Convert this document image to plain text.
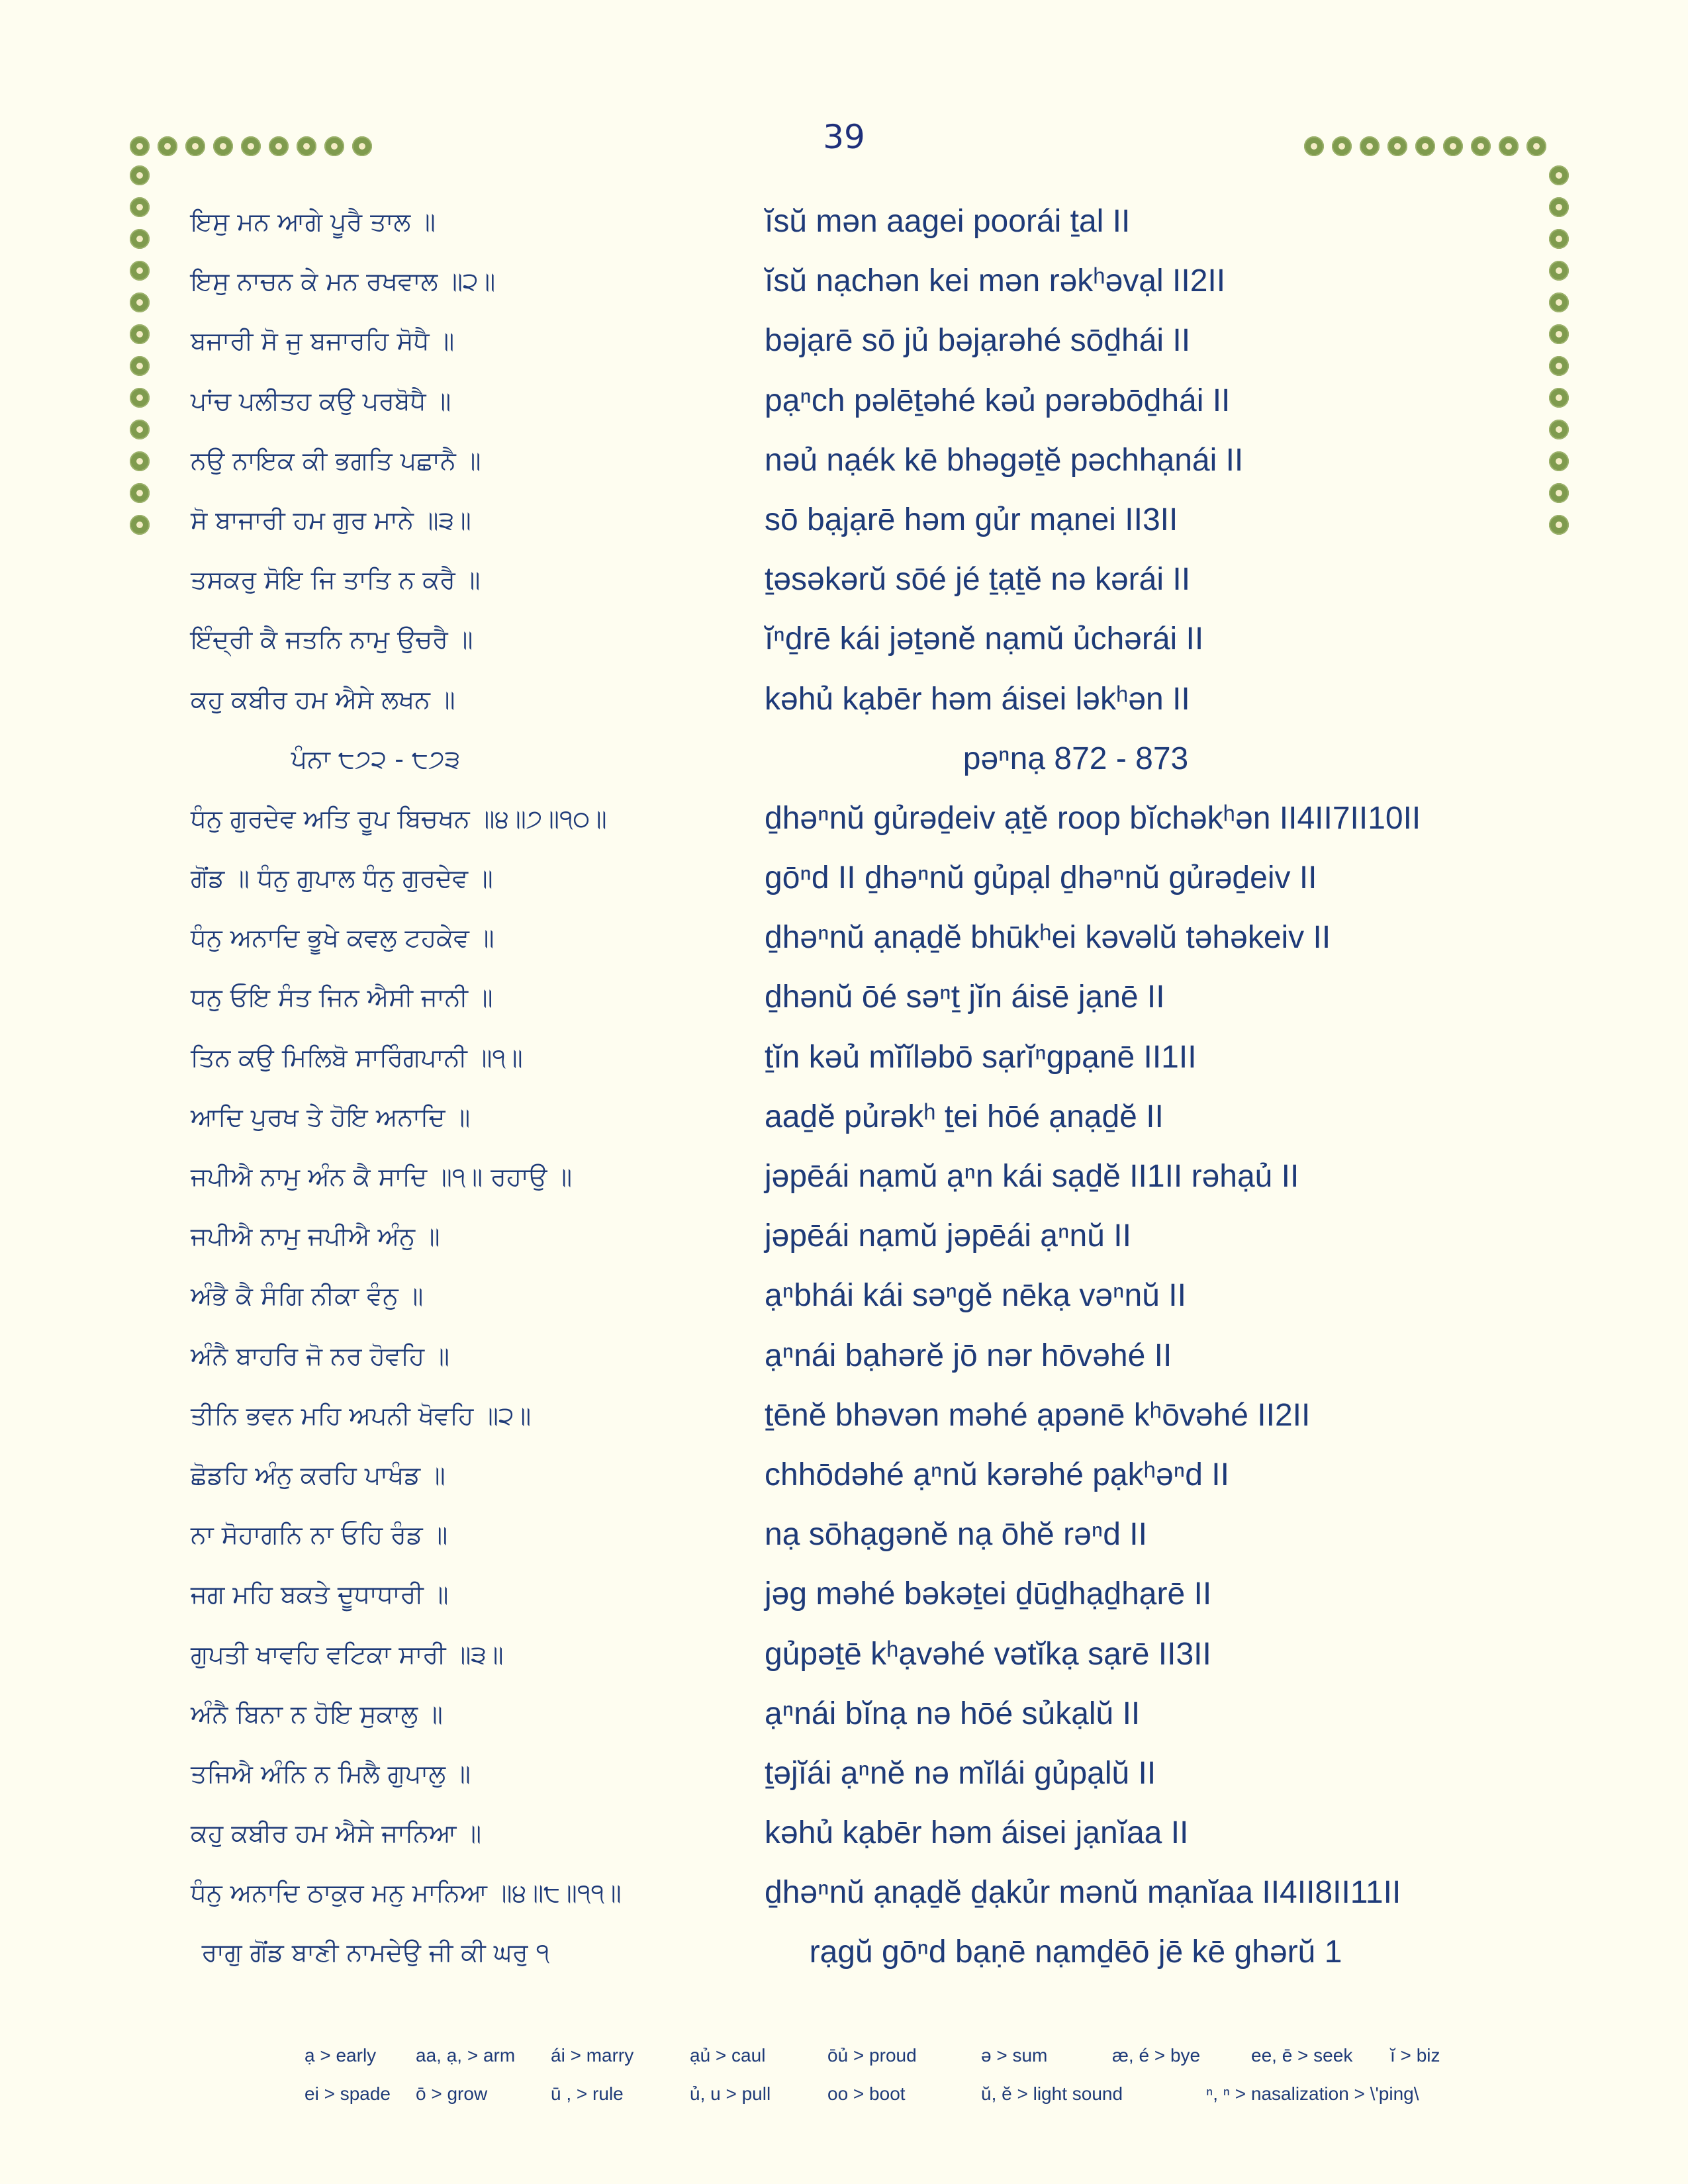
39
ਇਸੁ ਮਨ ਆਗੇ ਪੂਰੈ ਤਾਲ ॥	ĭsŭ mən aagei poorái ṯal II
ਇਸੁ ਨਾਚਨ ਕੇ ਮਨ ਰਖਵਾਲ ॥੨॥	ĭsŭ nạchən kei mən rəkʰəvạl II2II
ਬਜਾਰੀ ਸੋ ਜੁ ਬਜਾਰਹਿ ਸੋਧੈ ॥	bəjạrē sō jủ bəjạrəhé sōḏhái II
ਪਾਂਚ ਪਲੀਤਹ ਕਉ ਪਰਬੋਧੈ ॥	pạⁿch pəlēṯəhé kəủ pərəbōḏhái II
ਨਉ ਨਾਇਕ ਕੀ ਭਗਤਿ ਪਛਾਨੈ ॥	nəủ nạék kē bhəgəṯĕ pəchhạnái II
ਸੋ ਬਾਜਾਰੀ ਹਮ ਗੁਰ ਮਾਨੇ ॥੩॥	sō bạjạrē həm gủr mạnei II3II
ਤਸਕਰੁ ਸੋਇ ਜਿ ਤਾਤਿ ਨ ਕਰੈ ॥	ṯəsəkərŭ sōé jé ṯạṯĕ nə kərái II
ਇੰਦ੍ਰੀ ਕੈ ਜਤਨਿ ਨਾਮੁ ਉਚਰੈ ॥	ĭⁿḏrē kái jəṯənĕ nạmŭ ủchərái II
ਕਹੁ ਕਬੀਰ ਹਮ ਐਸੇ ਲਖਨ ॥	kəhủ kạbēr həm áisei ləkʰən II
ਪੰਨਾ ੮੭੨ - ੮੭੩	pəⁿnạ 872 - 873
ਧੰਨੁ ਗੁਰਦੇਵ ਅਤਿ ਰੂਪ ਬਿਚਖਨ ॥੪॥੭॥੧੦॥	ḏhəⁿnŭ gủrəḏeiv ạṯĕ roop bĭchəkʰən II4II7II10II
ਗੋਂਡ ॥ ਧੰਨੁ ਗੁਪਾਲ ਧੰਨੁ ਗੁਰਦੇਵ ॥	gōⁿd II ḏhəⁿnŭ gủpạl ḏhəⁿnŭ gủrəḏeiv II
ਧੰਨੁ ਅਨਾਦਿ ਭੂਖੇ ਕਵਲੁ ਟਹਕੇਵ ॥	ḏhəⁿnŭ ạnạḏĕ bhūkʰei kəvəlŭ təhəkeiv II
ਧਨੁ ਓਇ ਸੰਤ ਜਿਨ ਐਸੀ ਜਾਨੀ ॥	ḏhənŭ ōé səⁿṯ jĭn áisē jạnē II
ਤਿਨ ਕਉ ਮਿਲਿਬੋ ਸਾਰਿੰਗਪਾਨੀ ॥੧॥	ṯĭn kəủ mĭĭləbō sạrĭⁿgpạnē II1II
ਆਦਿ ਪੁਰਖ ਤੇ ਹੋਇ ਅਨਾਦਿ ॥	aaḏĕ pủrəkʰ ṯei hōé ạnạḏĕ II
ਜਪੀਐ ਨਾਮੁ ਅੰਨ ਕੈ ਸਾਦਿ ॥੧॥ ਰਹਾਉ ॥	jəpēái nạmŭ ạⁿn kái sạḏĕ II1II rəhạủ II
ਜਪੀਐ ਨਾਮੁ ਜਪੀਐ ਅੰਨੁ ॥	jəpēái nạmŭ jəpēái ạⁿnŭ II
ਅੰਭੈ ਕੈ ਸੰਗਿ ਨੀਕਾ ਵੰਨੁ ॥	ạⁿbhái kái səⁿgĕ nēkạ vəⁿnŭ II
ਅੰਨੈ ਬਾਹਰਿ ਜੋ ਨਰ ਹੋਵਹਿ ॥	ạⁿnái bạhərĕ jō nər hōvəhé II
ਤੀਨਿ ਭਵਨ ਮਹਿ ਅਪਨੀ ਖੋਵਹਿ ॥੨॥	ṯēnĕ bhəvən məhé ạpənē kʰōvəhé II2II
ਛੋਡਹਿ ਅੰਨੁ ਕਰਹਿ ਪਾਖੰਡ ॥	chhōdəhé ạⁿnŭ kərəhé pạkʰəⁿd II
ਨਾ ਸੋਹਾਗਨਿ ਨਾ ਓਹਿ ਰੰਡ ॥	nạ sōhạgənĕ nạ ōhĕ rəⁿd II
ਜਗ ਮਹਿ ਬਕਤੇ ਦੂਧਾਧਾਰੀ ॥	jəg məhé bəkəṯei ḏūḏhạḏhạrē II
ਗੁਪਤੀ ਖਾਵਹਿ ਵਟਿਕਾ ਸਾਰੀ ॥੩॥	gủpəṯē kʰạvəhé vətĭkạ sạrē II3II
ਅੰਨੈ ਬਿਨਾ ਨ ਹੋਇ ਸੁਕਾਲੁ ॥	ạⁿnái bĭnạ nə hōé sủkạlŭ II
ਤਜਿਐ ਅੰਨਿ ਨ ਮਿਲੈ ਗੁਪਾਲੁ ॥	ṯəjĭái ạⁿnĕ nə mĭlái gủpạlŭ II
ਕਹੁ ਕਬੀਰ ਹਮ ਐਸੇ ਜਾਨਿਆ ॥	kəhủ kạbēr həm áisei jạnĭaa II
ਧੰਨੁ ਅਨਾਦਿ ਠਾਕੁਰ ਮਨੁ ਮਾਨਿਆ ॥੪॥੮॥੧੧॥	ḏhəⁿnŭ ạnạḏĕ ḏạkủr mənŭ mạnĭaa II4II8II11II
ਰਾਗੁ ਗੋਂਡ ਬਾਣੀ ਨਾਮਦੇਉ ਜੀ ਕੀ ਘਰੁ ੧	rạgŭ gōⁿd bạṇē nạmḏēō jē kē ghərŭ 1
ạ > early	aa, ạ, > arm	ái > marry	ạủ > caul	ōủ > proud	ə > sum	æ, é > bye	ee, ē > seek	ĭ > biz
ei > spade	ō > grow	ū , > rule	ủ, u > pull	oo > boot	ŭ, ĕ > light sound	ⁿ, ⁿ > nasalization > \'ping\
